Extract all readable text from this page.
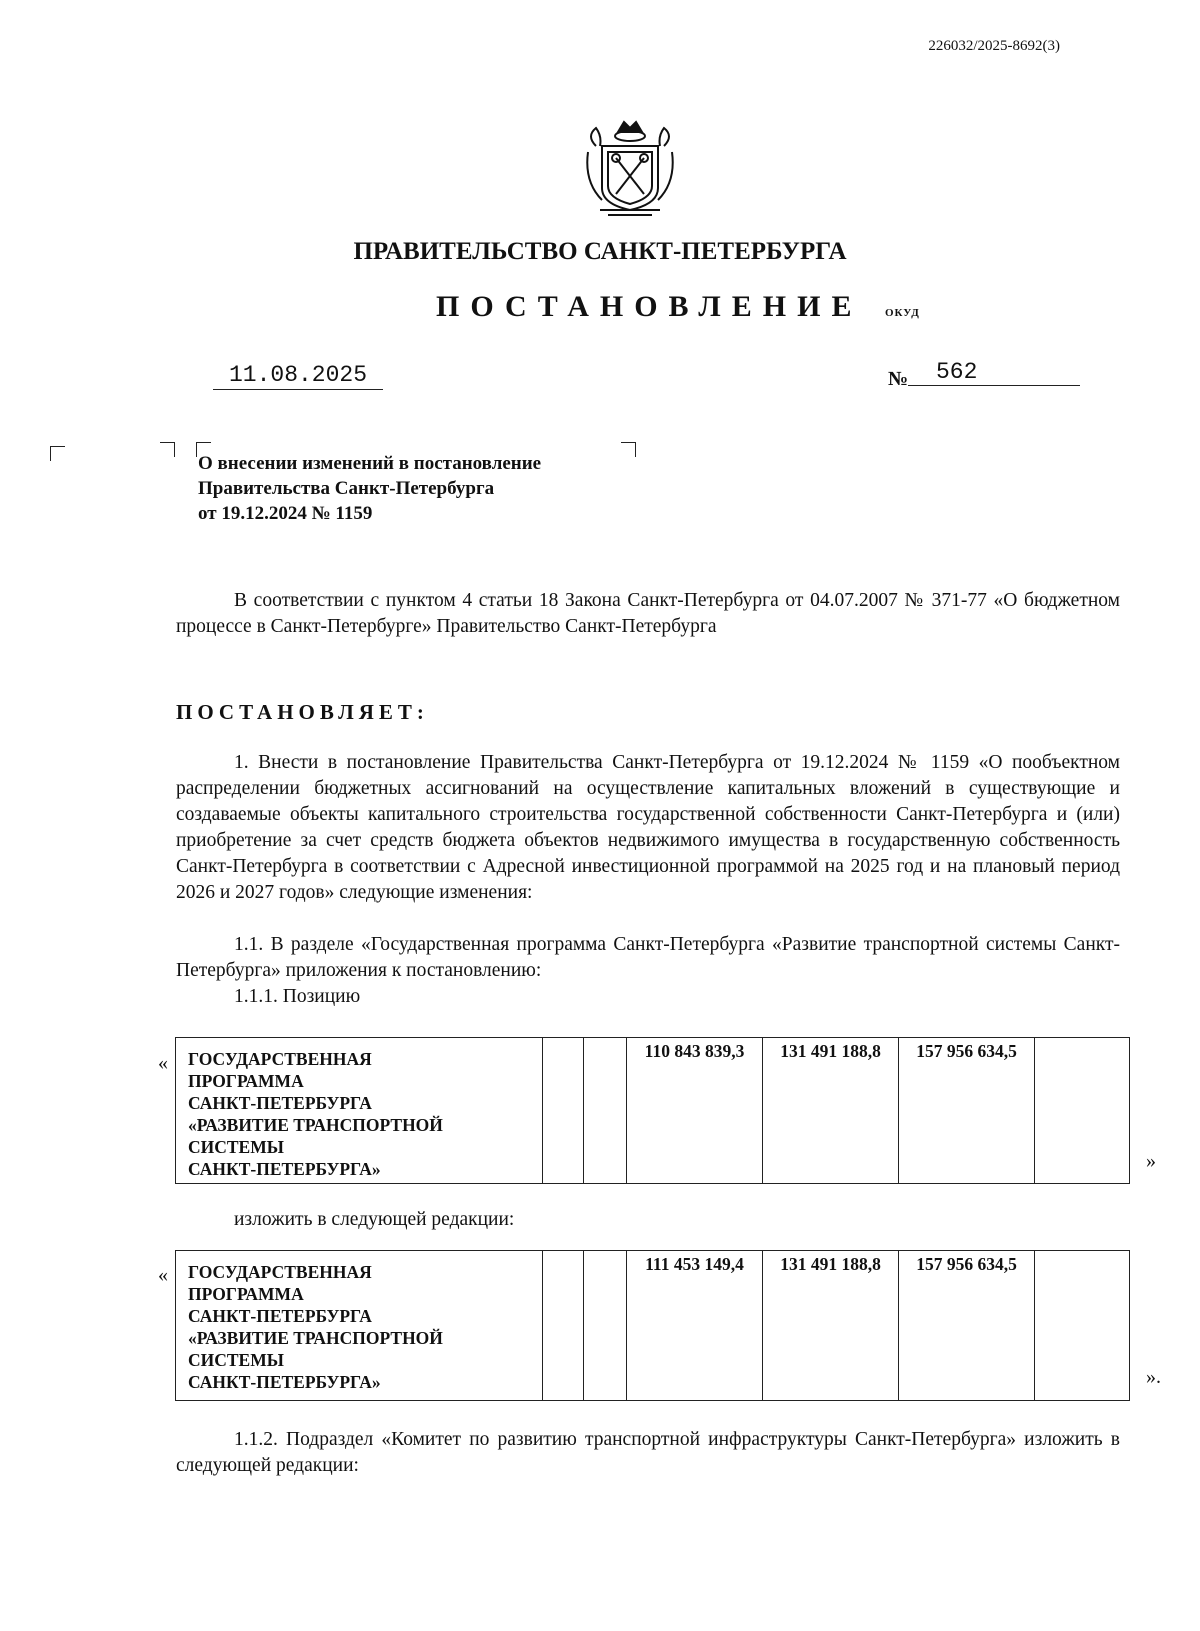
226032/2025-8692(3)
ПРАВИТЕЛЬСТВО САНКТ-ПЕТЕРБУРГА
ПОСТАНОВЛЕНИЕ ОКУД
11.08.2025	№	562
О внесении изменений в постановление
Правительства Санкт-Петербурга
от 19.12.2024 № 1159
В соответствии с пунктом 4 статьи 18 Закона Санкт-Петербурга от 04.07.2007 № 371-77 «О бюджетном процессе в Санкт-Петербурге» Правительство Санкт-Петербурга
ПОСТАНОВЛЯЕТ:
1. Внести в постановление Правительства Санкт-Петербурга от 19.12.2024 № 1159 «О пообъектном распределении бюджетных ассигнований на осуществление капитальных вложений в существующие и создаваемые объекты капитального строительства государственной собственности Санкт-Петербурга и (или) приобретение за счет средств бюджета объектов недвижимого имущества в государственную собственность Санкт-Петербурга в соответствии с Адресной инвестиционной программой на 2025 год и на плановый период 2026 и 2027 годов» следующие изменения:
1.1. В разделе «Государственная программа Санкт-Петербурга «Развитие транспортной системы Санкт-Петербурга» приложения к постановлению:
1.1.1. Позицию
« ГОСУДАРСТВЕННАЯ
ПРОГРАММА
САНКТ-ПЕТЕРБУРГА
«РАЗВИТИЕ ТРАНСПОРТНОЙ
СИСТЕМЫ
САНКТ-ПЕТЕРБУРГА»
			110 843 839,3	131 491 188,8	157 956 634,5	
»
изложить в следующей редакции:
« ГОСУДАРСТВЕННАЯ
ПРОГРАММА
САНКТ-ПЕТЕРБУРГА
«РАЗВИТИЕ ТРАНСПОРТНОЙ
СИСТЕМЫ
САНКТ-ПЕТЕРБУРГА»
			111 453 149,4	131 491 188,8	157 956 634,5	
».
1.1.2. Подраздел «Комитет по развитию транспортной инфраструктуры Санкт-Петербурга» изложить в следующей редакции:
